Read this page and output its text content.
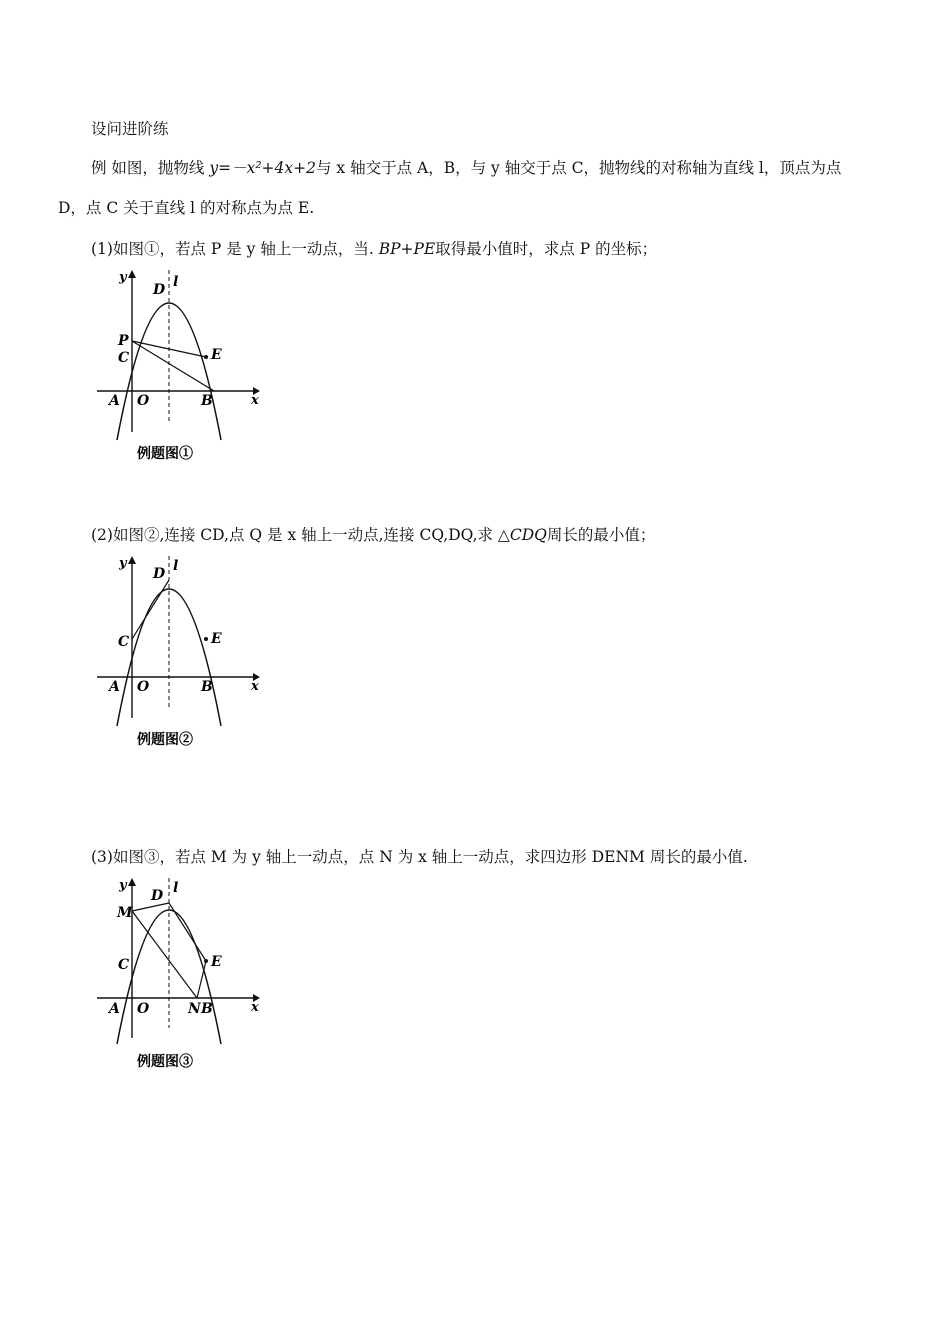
设问进阶练
例 如图，抛物线 y=－x²+4x+2与 x 轴交于点 A，B，与 y 轴交于点 C，抛物线的对称轴为直线 l，顶点为点
D，点 C 关于直线 l 的对称点为点 E.
(1)如图①，若点 P 是 y 轴上一动点，当. BP+PE取得最小值时，求点 P 的坐标；
y
x
D l
P
C	E
A O	B
例题图①
(2)如图②,连接 CD,点 Q 是 x 轴上一动点,连接 CQ,DQ,求 △CDQ周长的最小值；
y
x
D l
C	E
A O	B
例题图②
(3)如图③，若点 M 为 y 轴上一动点，点 N 为 x 轴上一动点，求四边形 DENM 周长的最小值.
y
x
D l
M
C	E
A O	N B
例题图③
